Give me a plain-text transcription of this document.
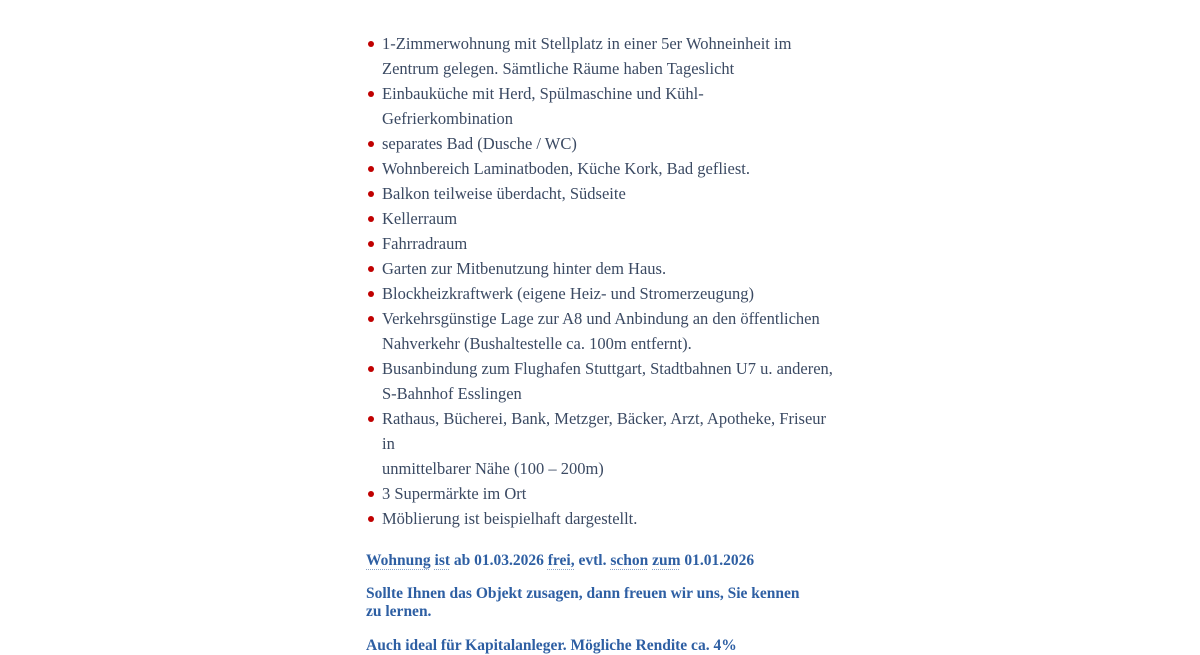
1-Zimmerwohnung mit Stellplatz in einer 5er Wohneinheit im
Zentrum gelegen. Sämtliche Räume haben Tageslicht
Einbauküche mit Herd, Spülmaschine und Kühl- Gefrierkombination
separates Bad (Dusche / WC)
Wohnbereich Laminatboden, Küche Kork, Bad gefliest.
Balkon teilweise überdacht, Südseite
Kellerraum
Fahrradraum
Garten zur Mitbenutzung hinter dem Haus.
Blockheizkraftwerk (eigene Heiz- und Stromerzeugung)
Verkehrsgünstige Lage zur A8 und Anbindung an den öffentlichen
Nahverkehr (Bushaltestelle ca. 100m entfernt).
Busanbindung zum Flughafen Stuttgart, Stadtbahnen U7 u. anderen,
S-Bahnhof Esslingen
Rathaus, Bücherei, Bank, Metzger, Bäcker, Arzt, Apotheke, Friseur in
unmittelbarer Nähe (100 – 200m)
3 Supermärkte im Ort
Möblierung ist beispielhaft dargestellt.

Wohnung ist ab 01.03.2026 frei, evtl. schon zum 01.01.2026

Sollte Ihnen das Objekt zusagen, dann freuen wir uns, Sie kennen
zu lernen.

Auch ideal für Kapitalanleger. Mögliche Rendite ca. 4%
